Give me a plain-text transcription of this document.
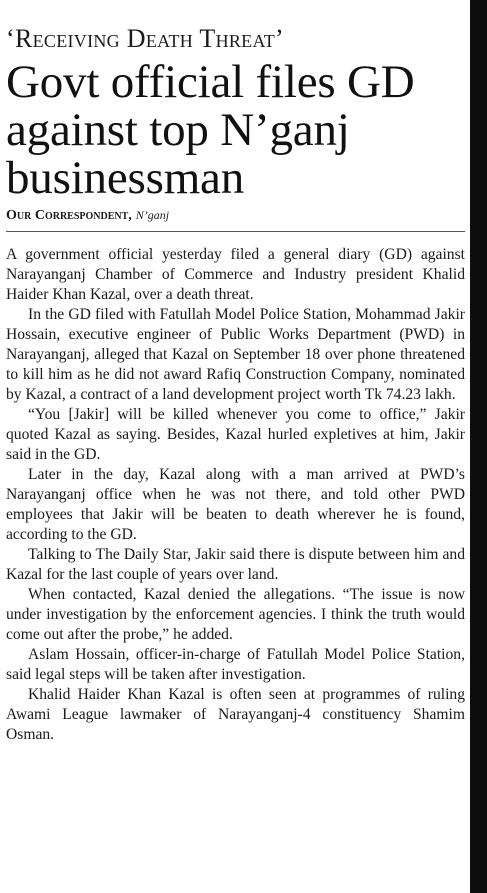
‘Receiving Death Threat’
Govt official files GD against top N’ganj businessman
Our Correspondent, N’ganj

A government official yesterday filed a general diary (GD) against Narayanganj Chamber of Commerce and Industry president Khalid Haider Khan Kazal, over a death threat.

In the GD filed with Fatullah Model Police Station, Mohammad Jakir Hossain, executive engineer of Public Works Department (PWD) in Narayanganj, alleged that Kazal on September 18 over phone threatened to kill him as he did not award Rafiq Construction Company, nominated by Kazal, a contract of a land development project worth Tk 74.23 lakh.

“You [Jakir] will be killed whenever you come to office,” Jakir quoted Kazal as saying. Besides, Kazal hurled expletives at him, Jakir said in the GD.

Later in the day, Kazal along with a man arrived at PWD’s Narayanganj office when he was not there, and told other PWD employees that Jakir will be beaten to death wherever he is found, according to the GD.

Talking to The Daily Star, Jakir said there is dispute between him and Kazal for the last couple of years over land.

When contacted, Kazal denied the allegations. “The issue is now under investigation by the enforcement agencies. I think the truth would come out after the probe,” he added.

Aslam Hossain, officer-in-charge of Fatullah Model Police Station, said legal steps will be taken after investigation.

Khalid Haider Khan Kazal is often seen at programmes of ruling Awami League lawmaker of Narayanganj-4 constituency Shamim Osman.
